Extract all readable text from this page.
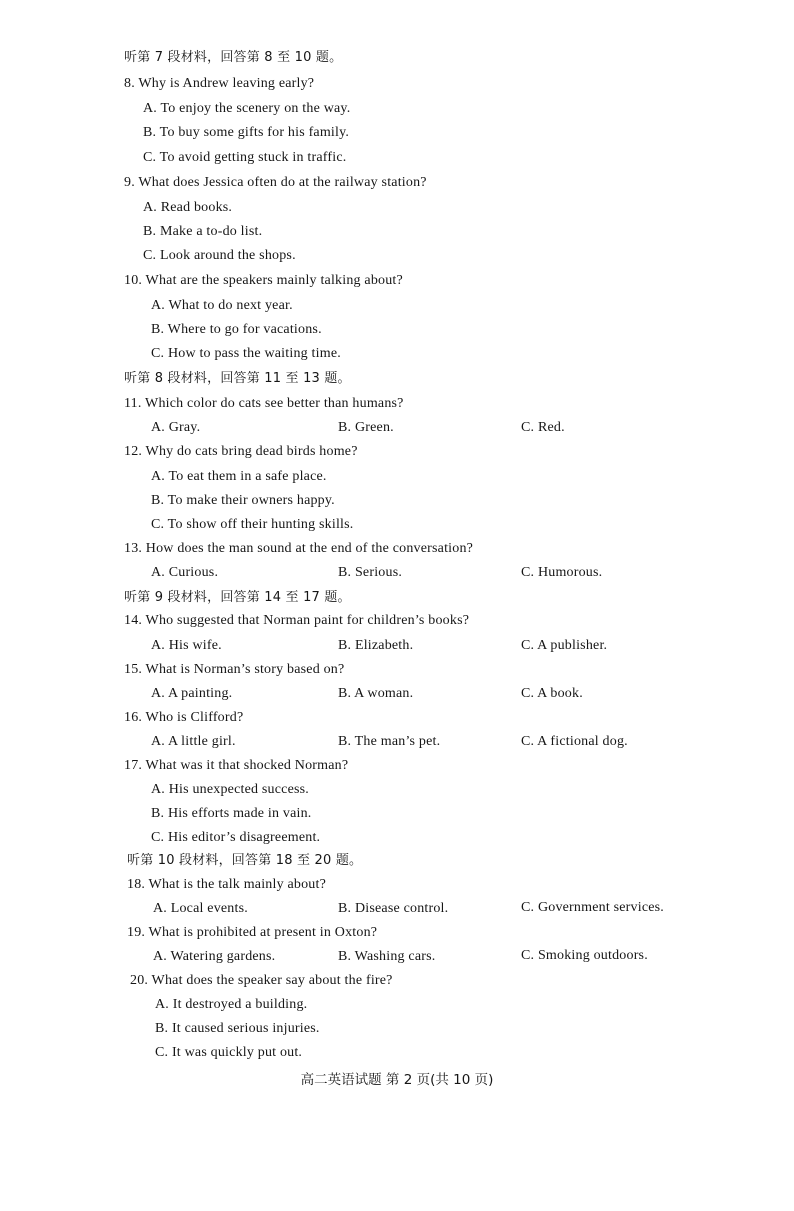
听第 7 段材料，回答第 8 至 10 题。
8. Why is Andrew leaving early?
A. To enjoy the scenery on the way.
B. To buy some gifts for his family.
C. To avoid getting stuck in traffic.
9. What does Jessica often do at the railway station?
A. Read books.
B. Make a to-do list.
C. Look around the shops.
10. What are the speakers mainly talking about?
A. What to do next year.
B. Where to go for vacations.
C. How to pass the waiting time.
听第 8 段材料，回答第 11 至 13 题。
11. Which color do cats see better than humans?
A. Gray.	B. Green.	C. Red.
12. Why do cats bring dead birds home?
A. To eat them in a safe place.
B. To make their owners happy.
C. To show off their hunting skills.
13. How does the man sound at the end of the conversation?
A. Curious.	B. Serious.	C. Humorous.
听第 9 段材料，回答第 14 至 17 题。
14. Who suggested that Norman paint for children’s books?
A. His wife.	B. Elizabeth.	C. A publisher.
15. What is Norman’s story based on?
A. A painting.	B. A woman.	C. A book.
16. Who is Clifford?
A. A little girl.	B. The man’s pet.	C. A fictional dog.
17. What was it that shocked Norman?
A. His unexpected success.
B. His efforts made in vain.
C. His editor’s disagreement.
听第 10 段材料，回答第 18 至 20 题。
18. What is the talk mainly about?
A. Local events.	B. Disease control.	C. Government services.
19. What is prohibited at present in Oxton?
A. Watering gardens.	B. Washing cars.	C. Smoking outdoors.
20. What does the speaker say about the fire?
A. It destroyed a building.
B. It caused serious injuries.
C. It was quickly put out.
高二英语试题 第 2 页(共 10 页)
